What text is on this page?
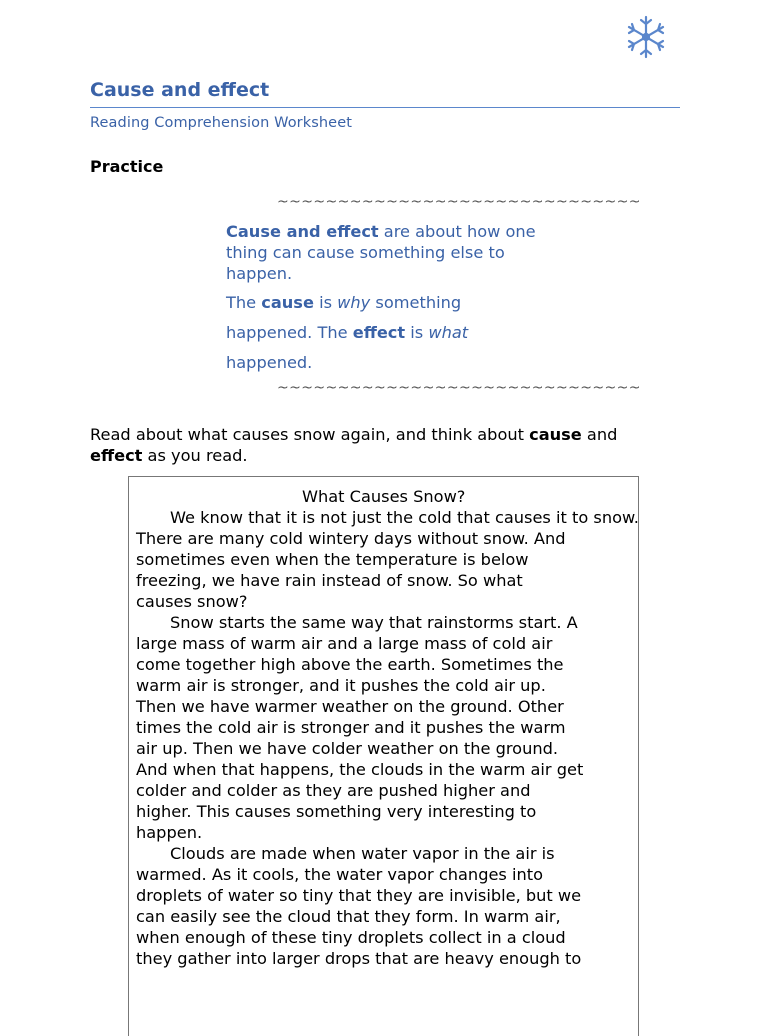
Cause and effect
Reading Comprehension Worksheet
Practice
~~~~~~~~~~~~~~~~~~~~~~~~~~~~~~
Cause and effect are about how one
thing can cause something else to
happen.
The cause is why something
happened. The effect is what
happened.
~~~~~~~~~~~~~~~~~~~~~~~~~~~~~~
Read about what causes snow again, and think about cause and
effect as you read.
What Causes Snow?
We know that it is not just the cold that causes it to snow.
There are many cold wintery days without snow. And
sometimes even when the temperature is below
freezing, we have rain instead of snow. So what
causes snow?
Snow starts the same way that rainstorms start. A
large mass of warm air and a large mass of cold air
come together high above the earth. Sometimes the
warm air is stronger, and it pushes the cold air up.
Then we have warmer weather on the ground. Other
times the cold air is stronger and it pushes the warm
air up. Then we have colder weather on the ground.
And when that happens, the clouds in the warm air get
colder and colder as they are pushed higher and
higher. This causes something very interesting to
happen.
Clouds are made when water vapor in the air is
warmed. As it cools, the water vapor changes into
droplets of water so tiny that they are invisible, but we
can easily see the cloud that they form. In warm air,
when enough of these tiny droplets collect in a cloud
they gather into larger drops that are heavy enough to
